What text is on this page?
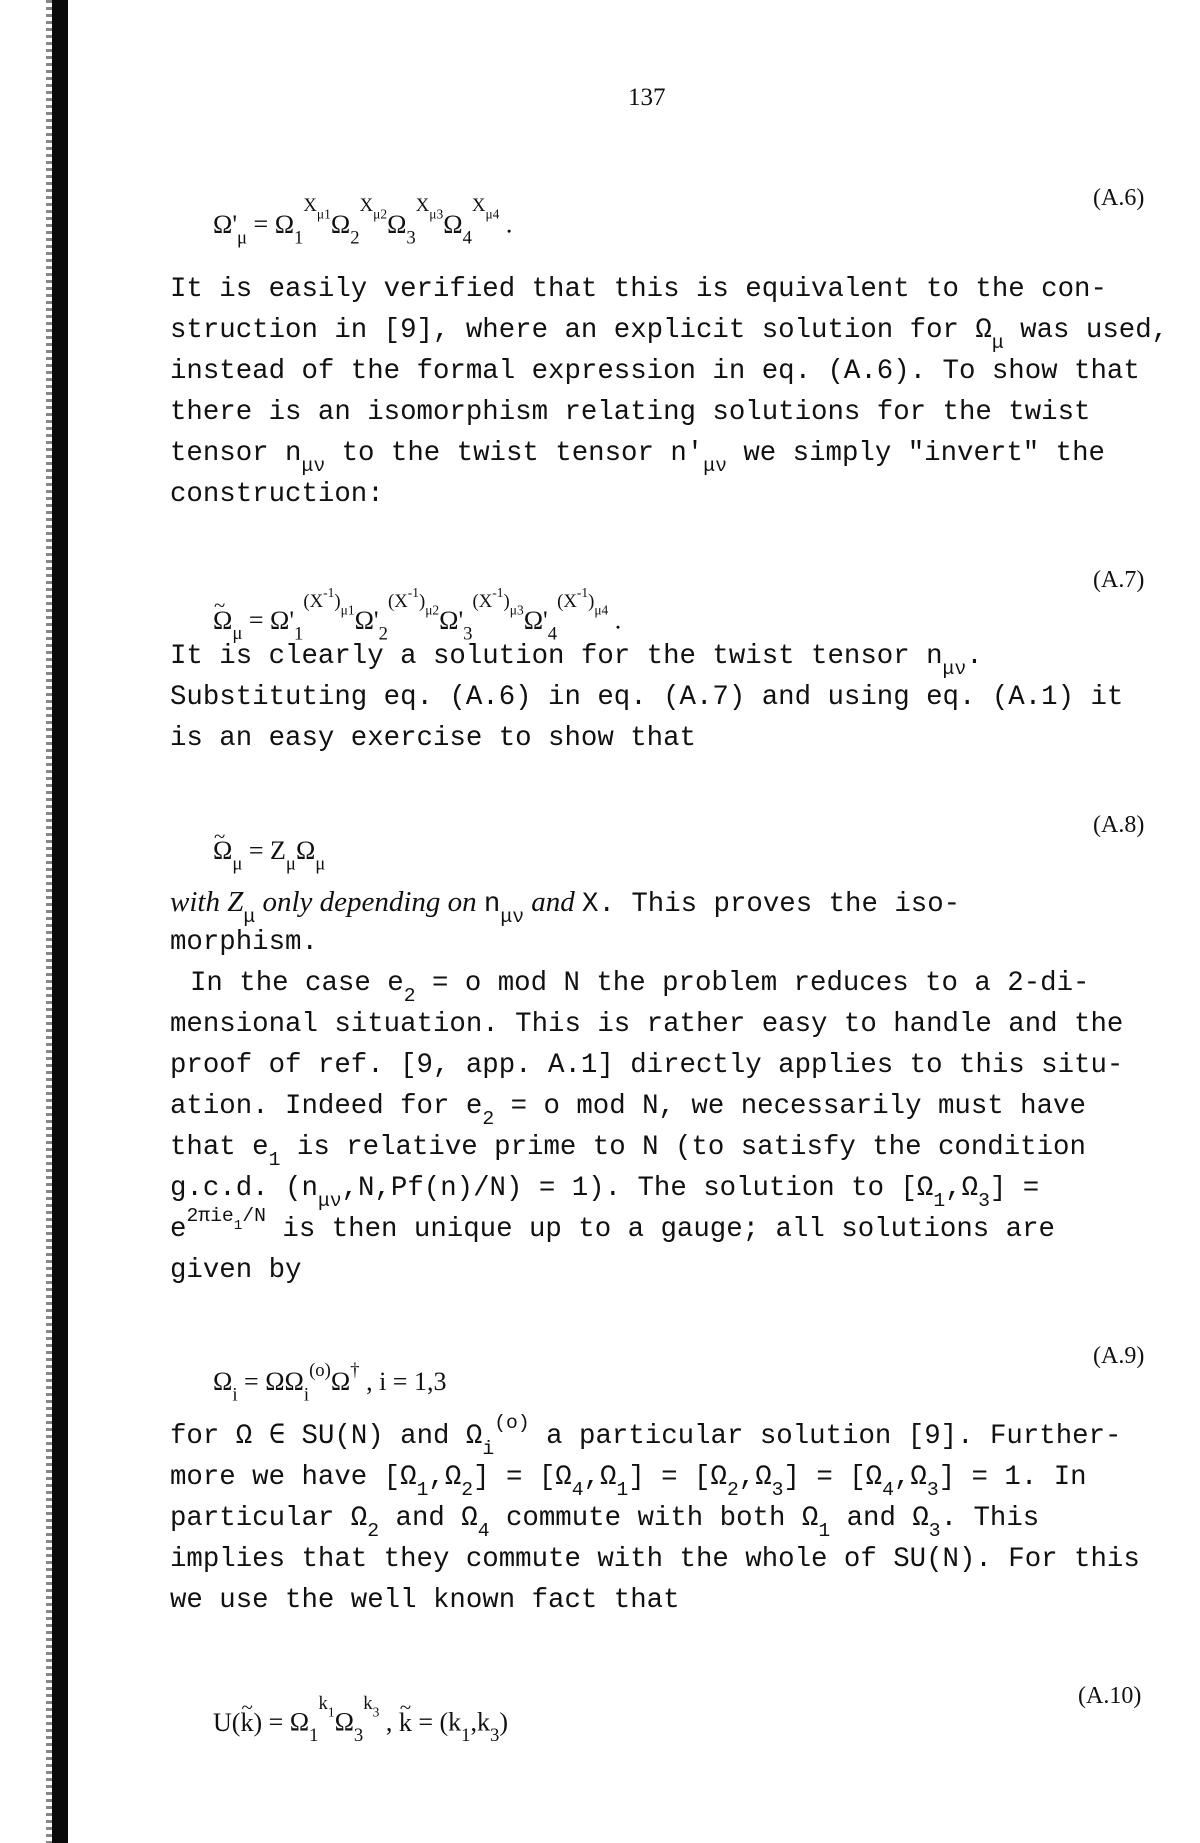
137

$\Omega'_\mu = \Omega_1^{X_{\mu 1}}\Omega_2^{X_{\mu 2}}\Omega_3^{X_{\mu 3}}\Omega_4^{X_{\mu 4}}$ .

(A.6)
It is easily verified that this is equivalent to the con-
struction in [9], where an explicit solution for $\Omega_\mu$ was used,
instead of the formal expression in eq. (A.6). To show that
there is an isomorphism relating solutions for the twist
tensor $n_{\mu\nu}$ to the twist tensor $n'_{\mu\nu}$ we simply "invert" the
construction:

~ $\Omega_\mu = \Omega'_1^{(X^{-1})_{\mu 1}}\Omega'_2^{(X^{-1})_{\mu 2}}\Omega'_3^{(X^{-1})_{\mu 3}}\Omega'_4^{(X^{-1})_{\mu 4}}$ .

(A.7)
It is clearly a solution for the twist tensor $n_{\mu\nu}$.
Substituting eq. (A.6) in eq. (A.7) and using eq. (A.1) it
is an easy exercise to show that

~ $\Omega_\mu = Z_\mu\Omega_\mu$

(A.8)
with $Z_\mu$ only depending on $n_{\mu\nu}$ and X. This proves the iso-
morphism.
In the case $e_2 = o$ mod N the problem reduces to a 2-di-
mensional situation. This is rather easy to handle and the
proof of ref. [9, app. A.1] directly applies to this situ-
ation. Indeed for $e_2 = o$ mod N, we necessarily must have
that $e_1$ is relative prime to N (to satisfy the condition
g.c.d. $(n_{\mu\nu},N,Pf(n)/N) = 1$). The solution to $[\Omega_1,\Omega_3]$ =
$e^{2\pi ie_1/N}$ is then unique up to a gauge; all solutions are
given by

$\Omega_i = \Omega\Omega_i^{(o)}\Omega^\dagger$ , i = 1,3

(A.9)
for Ω ∈ SU(N) and $\Omega_i^{(o)}$ a particular solution [9]. Further-
more we have $[\Omega_1,\Omega_2] = [\Omega_4,\Omega_1] = [\Omega_2,\Omega_3] = [\Omega_4,\Omega_3] = 1$. In
particular $\Omega_2$ and $\Omega_4$ commute with both $\Omega_1$ and $\Omega_3$. This
implies that they commute with the whole of SU(N). For this
we use the well known fact that

U(~ $k) = \Omega_1^{k_1}\Omega_3^{k_3}$ , ~ $k = (k_1,k_3)$

(A.10)
